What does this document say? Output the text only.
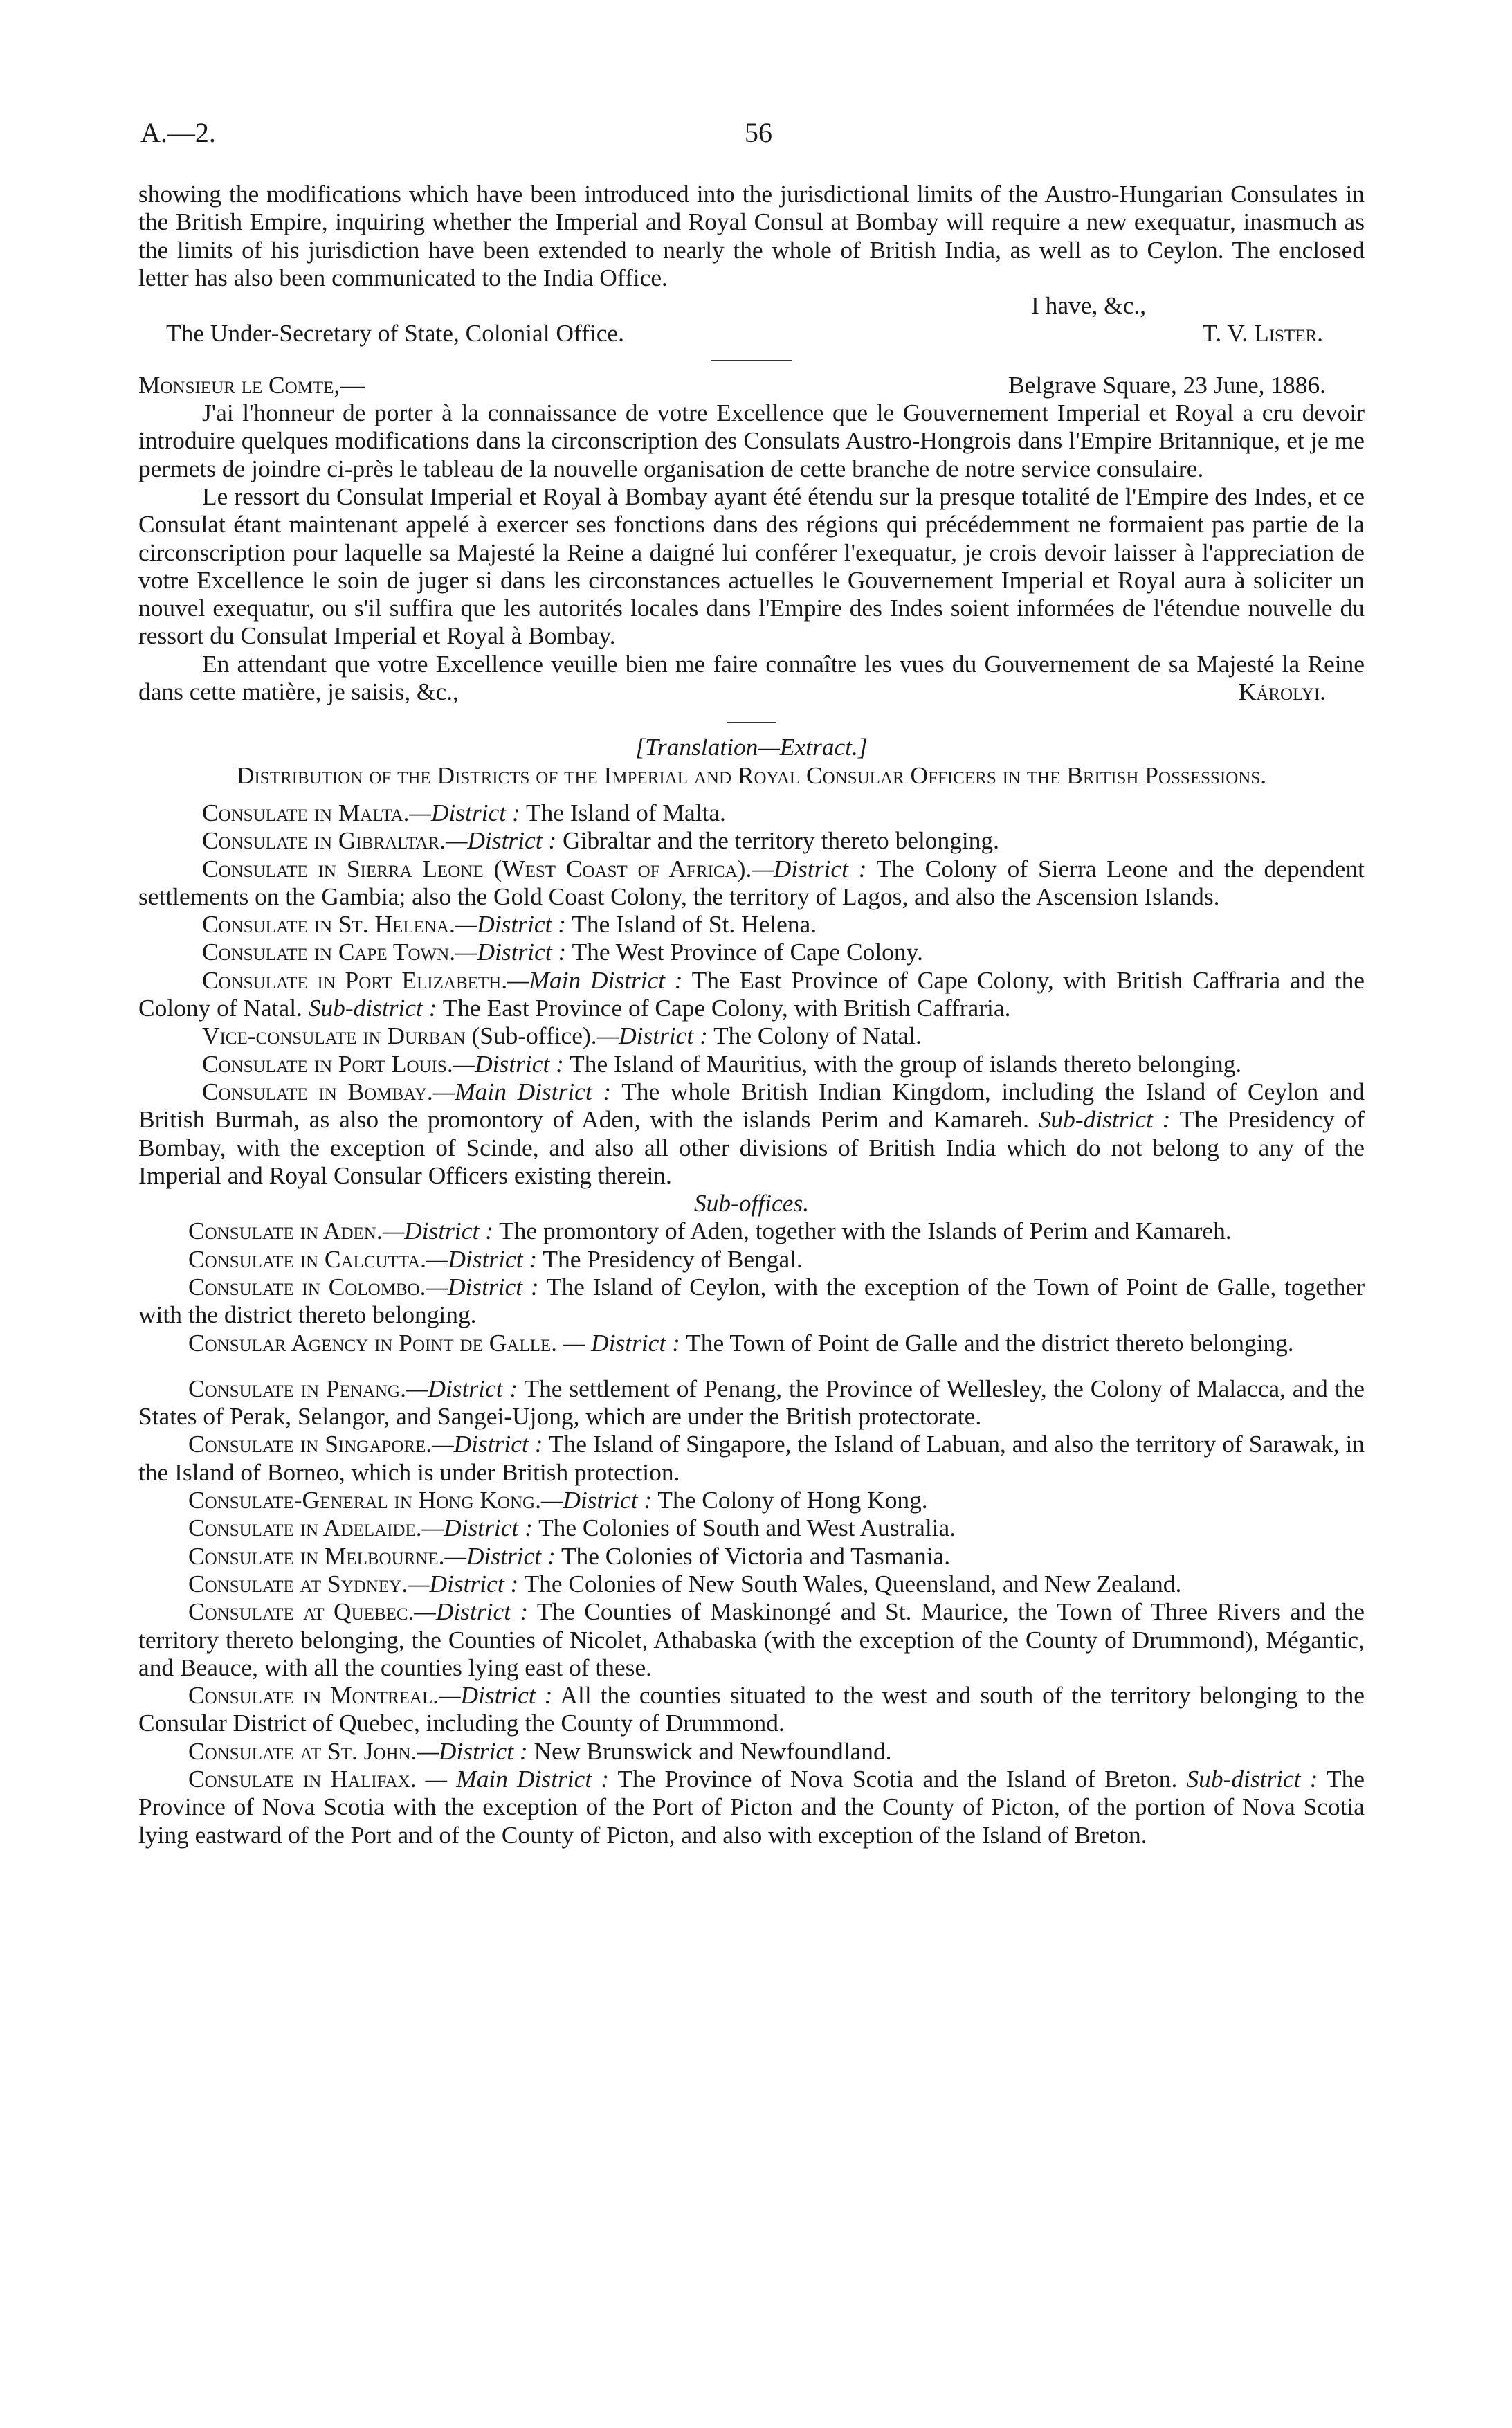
A.—2.	56

showing the modifications which have been introduced into the jurisdictional limits of the Austro-Hungarian Consulates in the British Empire, inquiring whether the Imperial and Royal Consul at Bombay will require a new exequatur, inasmuch as the limits of his jurisdiction have been extended to nearly the whole of British India, as well as to Ceylon. The enclosed letter has also been communicated to the India Office.

I have, &c.,
The Under-Secretary of State, Colonial Office.	T. V. Lister.
Monsieur le Comte,—	Belgrave Square, 23 June, 1886.

J'ai l'honneur de porter à la connaissance de votre Excellence que le Gouvernement Imperial et Royal a cru devoir introduire quelques modifications dans la circonscription des Consulats Austro-Hongrois dans l'Empire Britannique, et je me permets de joindre ci-près le tableau de la nouvelle organisation de cette branche de notre service consulaire.

Le ressort du Consulat Imperial et Royal à Bombay ayant été étendu sur la presque totalité de l'Empire des Indes, et ce Consulat étant maintenant appelé à exercer ses fonctions dans des régions qui précédemment ne formaient pas partie de la circonscription pour laquelle sa Majesté la Reine a daigné lui conférer l'exequatur, je crois devoir laisser à l'appreciation de votre Excellence le soin de juger si dans les circonstances actuelles le Gouvernement Imperial et Royal aura à soliciter un nouvel exequatur, ou s'il suffira que les autorités locales dans l'Empire des Indes soient informées de l'étendue nouvelle du ressort du Consulat Imperial et Royal à Bombay.

En attendant que votre Excellence veuille bien me faire connaître les vues du Gouvernement de sa Majesté la Reine dans cette matière, je saisis, &c.,	Károlyi.

[Translation—Extract.]
Distribution of the Districts of the Imperial and Royal Consular Officers in the British Possessions.

Consulate in Malta.—District : The Island of Malta.

Consulate in Gibraltar.—District : Gibraltar and the territory thereto belonging.

Consulate in Sierra Leone (West Coast of Africa).—District : The Colony of Sierra Leone and the dependent settlements on the Gambia; also the Gold Coast Colony, the territory of Lagos, and also the Ascension Islands.

Consulate in St. Helena.—District : The Island of St. Helena.

Consulate in Cape Town.—District : The West Province of Cape Colony.

Consulate in Port Elizabeth.—Main District : The East Province of Cape Colony, with British Caffraria and the Colony of Natal. Sub-district : The East Province of Cape Colony, with British Caffraria.

Vice-consulate in Durban (Sub-office).—District : The Colony of Natal.

Consulate in Port Louis.—District : The Island of Mauritius, with the group of islands thereto belonging.

Consulate in Bombay.—Main District : The whole British Indian Kingdom, including the Island of Ceylon and British Burmah, as also the promontory of Aden, with the islands Perim and Kamareh. Sub-district : The Presidency of Bombay, with the exception of Scinde, and also all other divisions of British India which do not belong to any of the Imperial and Royal Consular Officers existing therein.

Sub-offices.

Consulate in Aden.—District : The promontory of Aden, together with the Islands of Perim and Kamareh.

Consulate in Calcutta.—District : The Presidency of Bengal.

Consulate in Colombo.—District : The Island of Ceylon, with the exception of the Town of Point de Galle, together with the district thereto belonging.

Consular Agency in Point de Galle. — District : The Town of Point de Galle and the district thereto belonging.

Consulate in Penang.—District : The settlement of Penang, the Province of Wellesley, the Colony of Malacca, and the States of Perak, Selangor, and Sangei-Ujong, which are under the British protectorate.

Consulate in Singapore.—District : The Island of Singapore, the Island of Labuan, and also the territory of Sarawak, in the Island of Borneo, which is under British protection.

Consulate-General in Hong Kong.—District : The Colony of Hong Kong.

Consulate in Adelaide.—District : The Colonies of South and West Australia.

Consulate in Melbourne.—District : The Colonies of Victoria and Tasmania.

Consulate at Sydney.—District : The Colonies of New South Wales, Queensland, and New Zealand.

Consulate at Quebec.—District : The Counties of Maskinongé and St. Maurice, the Town of Three Rivers and the territory thereto belonging, the Counties of Nicolet, Athabaska (with the exception of the County of Drummond), Mégantic, and Beauce, with all the counties lying east of these.

Consulate in Montreal.—District : All the counties situated to the west and south of the territory belonging to the Consular District of Quebec, including the County of Drummond.

Consulate at St. John.—District : New Brunswick and Newfoundland.

Consulate in Halifax. — Main District : The Province of Nova Scotia and the Island of Breton. Sub-district : The Province of Nova Scotia with the exception of the Port of Picton and the County of Picton, of the portion of Nova Scotia lying eastward of the Port and of the County of Picton, and also with exception of the Island of Breton.
